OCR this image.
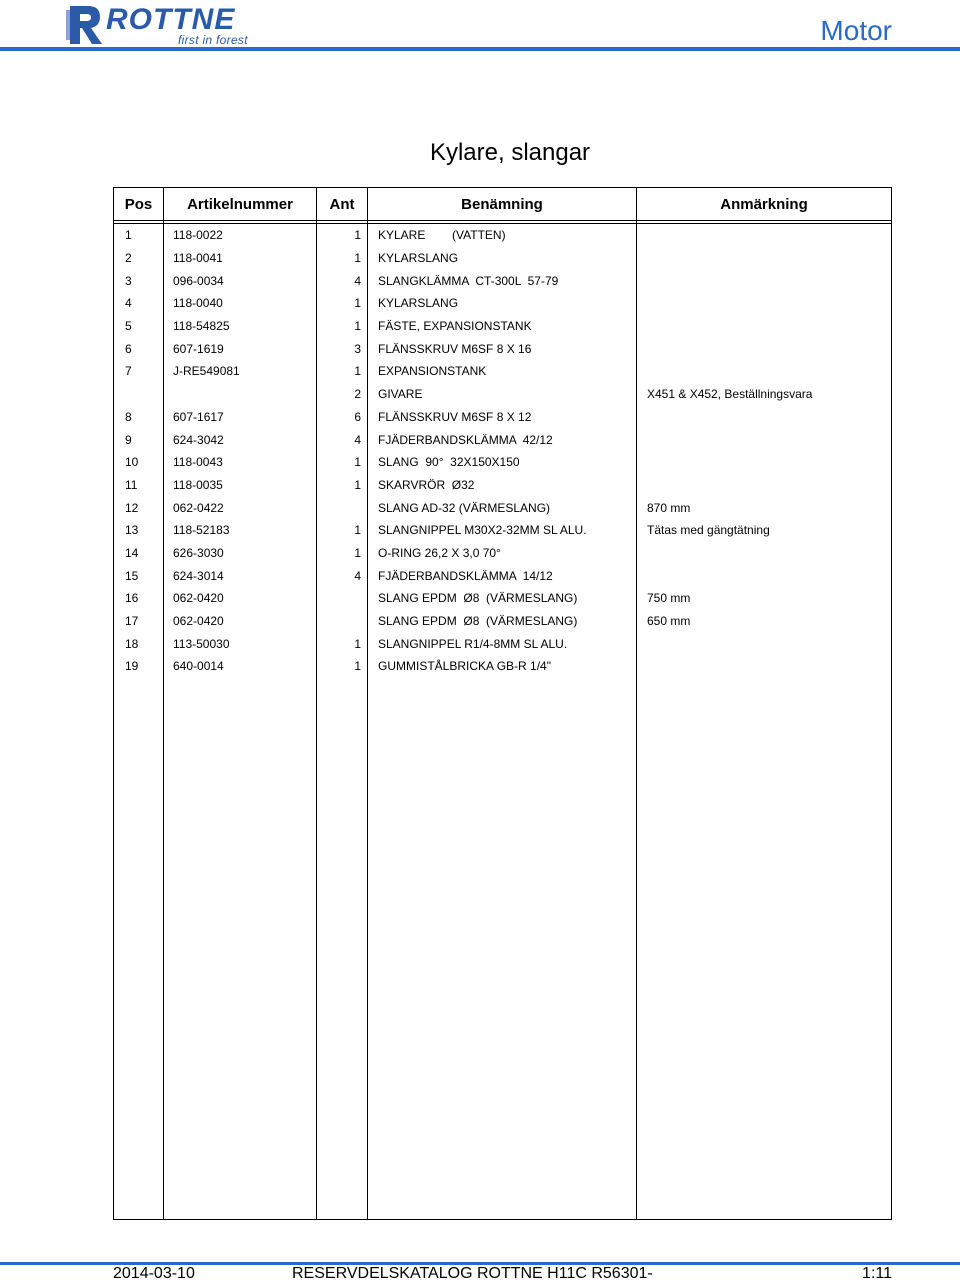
ROTTNE
first in forest	Motor
Kylare, slangar
Pos	Artikelnummer	Ant	Benämning	Anmärkning

1	118-0022	1	KYLARE        (VATTEN)	
2	118-0041	1	KYLARSLANG	
3	096-0034	4	SLANGKLÄMMA  CT-300L  57-79	
4	118-0040	1	KYLARSLANG	
5	118-54825	1	FÄSTE, EXPANSIONSTANK	
6	607-1619	3	FLÄNSSKRUV M6SF 8 X 16	
7	J-RE549081	1	EXPANSIONSTANK	
		2	GIVARE	X451 & X452, Beställningsvara
8	607-1617	6	FLÄNSSKRUV M6SF 8 X 12	
9	624-3042	4	FJÄDERBANDSKLÄMMA  42/12	
10	118-0043	1	SLANG  90°  32X150X150	
11	118-0035	1	SKARVRÖR  Ø32	
12	062-0422		SLANG AD-32 (VÄRMESLANG)	870 mm
13	118-52183	1	SLANGNIPPEL M30X2-32MM SL ALU.	Tätas med gängtätning
14	626-3030	1	O-RING 26,2 X 3,0 70°	
15	624-3014	4	FJÄDERBANDSKLÄMMA  14/12	
16	062-0420		SLANG EPDM  Ø8  (VÄRMESLANG)	750 mm
17	062-0420		SLANG EPDM  Ø8  (VÄRMESLANG)	650 mm
18	113-50030	1	SLANGNIPPEL R1/4-8MM SL ALU.	
19	640-0014	1	GUMMISTÅLBRICKA GB-R 1/4"	

2014-03-10	RESERVDELSKATALOG ROTTNE H11C R56301-	1:11
